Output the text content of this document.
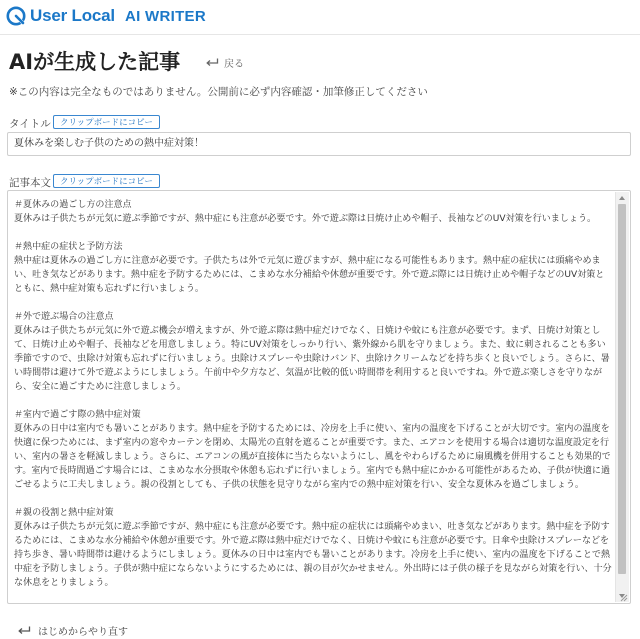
User Local AI WRITER
AIが生成した記事	戻る
※この内容は完全なものではありません。公開前に必ず内容確認・加筆修正してください
タイトル	クリップボードにコピー
夏休みを楽しむ子供のための熱中症対策！
記事本文	クリップボードにコピー

＃夏休みの過ごし方の注意点
夏休みは子供たちが元気に遊ぶ季節ですが、熱中症にも注意が必要です。外で遊ぶ際は日焼け止めや帽子、長袖などのUV対策を行いましょう。

＃熱中症の症状と予防方法
熱中症は夏休みの過ごし方に注意が必要です。子供たちは外で元気に遊びますが、熱中症になる可能性もあります。熱中症の症状には頭痛やめまい、吐き気などがあります。熱中症を予防するためには、こまめな水分補給や休憩が重要です。外で遊ぶ際には日焼け止めや帽子などのUV対策とともに、熱中症対策も忘れずに行いましょう。

＃外で遊ぶ場合の注意点
夏休みは子供たちが元気に外で遊ぶ機会が増えますが、外で遊ぶ際は熱中症だけでなく、日焼けや蚊にも注意が必要です。まず、日焼け対策として、日焼け止めや帽子、長袖などを用意しましょう。特にUV対策をしっかり行い、紫外線から肌を守りましょう。また、蚊に刺されることも多い季節ですので、虫除け対策も忘れずに行いましょう。虫除けスプレーや虫除けバンド、虫除けクリームなどを持ち歩くと良いでしょう。さらに、暑い時間帯は避けて外で遊ぶようにしましょう。午前中や夕方など、気温が比較的低い時間帯を利用すると良いですね。外で遊ぶ楽しさを守りながら、安全に過ごすために注意しましょう。

＃室内で過ごす際の熱中症対策
夏休みの日中は室内でも暑いことがあります。熱中症を予防するためには、冷房を上手に使い、室内の温度を下げることが大切です。室内の温度を快適に保つためには、まず室内の窓やカーテンを閉め、太陽光の直射を遮ることが重要です。また、エアコンを使用する場合は適切な温度設定を行い、室内の暑さを軽減しましょう。さらに、エアコンの風が直接体に当たらないようにし、風をやわらげるために扇風機を併用することも効果的です。室内で長時間過ごす場合には、こまめな水分摂取や休憩も忘れずに行いましょう。室内でも熱中症にかかる可能性があるため、子供が快適に過ごせるように工夫しましょう。親の役割としても、子供の状態を見守りながら室内での熱中症対策を行い、安全な夏休みを過ごしましょう。

＃親の役割と熱中症対策
夏休みは子供たちが元気に遊ぶ季節ですが、熱中症にも注意が必要です。熱中症の症状には頭痛やめまい、吐き気などがあります。熱中症を予防するためには、こまめな水分補給や休憩が重要です。外で遊ぶ際は熱中症だけでなく、日焼けや蚊にも注意が必要です。日傘や虫除けスプレーなどを持ち歩き、暑い時間帯は避けるようにしましょう。夏休みの日中は室内でも暑いことがあります。冷房を上手に使い、室内の温度を下げることで熱中症を予防しましょう。子供が熱中症にならないようにするためには、親の目が欠かせません。外出時には子供の様子を見ながら対策を行い、十分な休息をとりましょう。

はじめからやり直す
